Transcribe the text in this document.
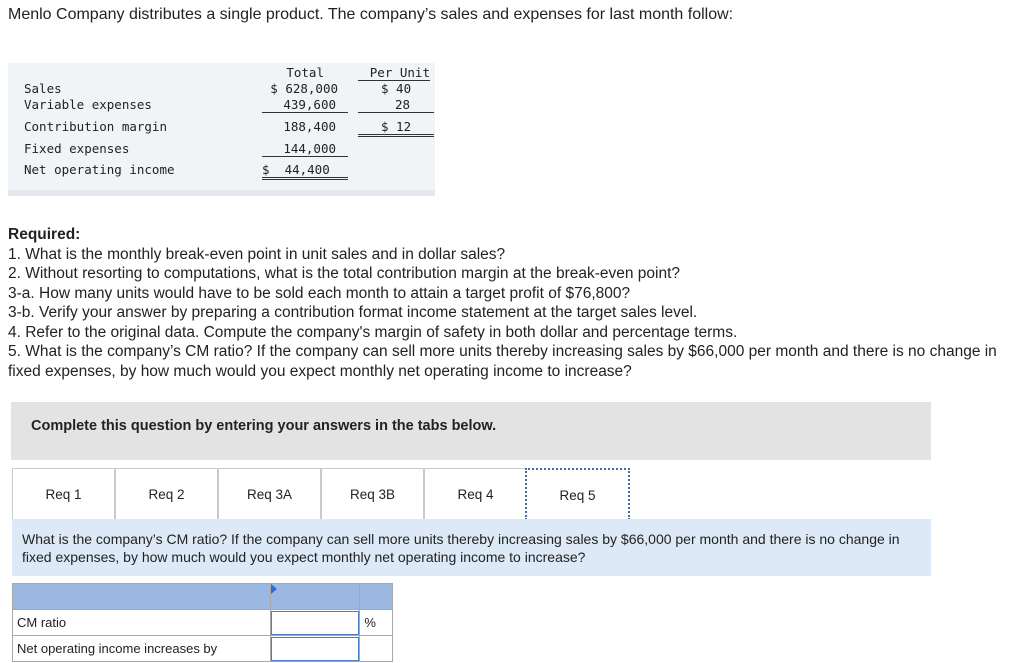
Menlo Company distributes a single product. The company’s sales and expenses for last month follow:
Total	Per Unit
Sales	$ 628,000	$ 40
Variable expenses	439,600	28
Contribution margin	188,400	$ 12
Fixed expenses	144,000
Net operating income	$  44,400
Required:
1. What is the monthly break-even point in unit sales and in dollar sales?
2. Without resorting to computations, what is the total contribution margin at the break-even point?
3-a. How many units would have to be sold each month to attain a target profit of $76,800?
3-b. Verify your answer by preparing a contribution format income statement at the target sales level.
4. Refer to the original data. Compute the company's margin of safety in both dollar and percentage terms.
5. What is the company’s CM ratio? If the company can sell more units thereby increasing sales by $66,000 per month and there is no change in fixed expenses, by how much would you expect monthly net operating income to increase?
Complete this question by entering your answers in the tabs below.
Req 1	Req 2	Req 3A	Req 3B	Req 4	Req 5
What is the company’s CM ratio? If the company can sell more units thereby increasing sales by $66,000 per month and there is no change in fixed expenses, by how much would you expect monthly net operating income to increase?

CM ratio		%
Net operating income increases by		
